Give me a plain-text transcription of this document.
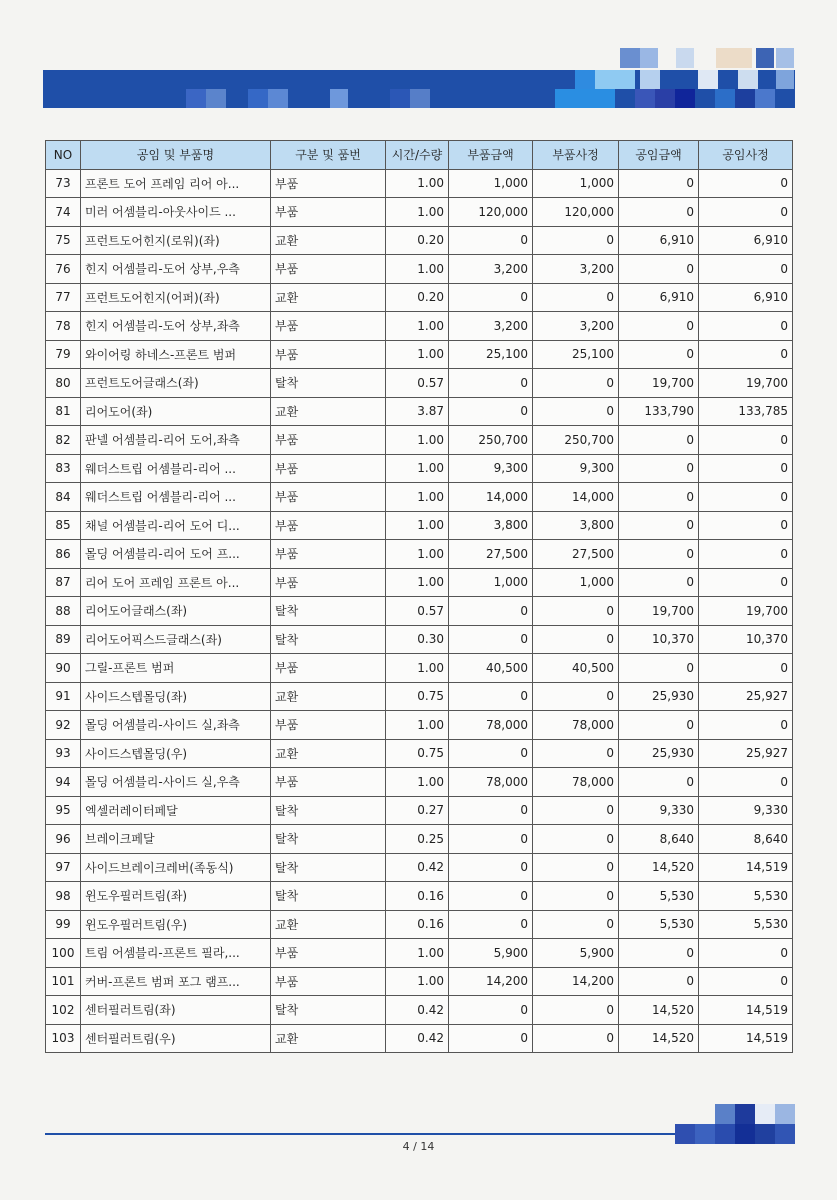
NO	공임 및 부품명	구분 및 품번	시간/수량	부품금액	부품사정	공임금액	공임사정
73	프론트 도어 프레임 리어 아...	부품	1.00	1,000	1,000	0	0
74	미러 어셈블리-아웃사이드 ...	부품	1.00	120,000	120,000	0	0
75	프런트도어힌지(로워)(좌)	교환	0.20	0	0	6,910	6,910
76	힌지 어셈블리-도어 상부,우측	부품	1.00	3,200	3,200	0	0
77	프런트도어힌지(어퍼)(좌)	교환	0.20	0	0	6,910	6,910
78	힌지 어셈블리-도어 상부,좌측	부품	1.00	3,200	3,200	0	0
79	와이어링 하네스-프론트 범퍼	부품	1.00	25,100	25,100	0	0
80	프런트도어글래스(좌)	탈착	0.57	0	0	19,700	19,700
81	리어도어(좌)	교환	3.87	0	0	133,790	133,785
82	판넬 어셈블리-리어 도어,좌측	부품	1.00	250,700	250,700	0	0
83	웨더스트립 어셈블리-리어 ...	부품	1.00	9,300	9,300	0	0
84	웨더스트립 어셈블리-리어 ...	부품	1.00	14,000	14,000	0	0
85	채널 어셈블리-리어 도어 디...	부품	1.00	3,800	3,800	0	0
86	몰딩 어셈블리-리어 도어 프...	부품	1.00	27,500	27,500	0	0
87	리어 도어 프레임 프론트 아...	부품	1.00	1,000	1,000	0	0
88	리어도어글래스(좌)	탈착	0.57	0	0	19,700	19,700
89	리어도어픽스드글래스(좌)	탈착	0.30	0	0	10,370	10,370
90	그릴-프론트 범퍼	부품	1.00	40,500	40,500	0	0
91	사이드스텝몰딩(좌)	교환	0.75	0	0	25,930	25,927
92	몰딩 어셈블리-사이드 실,좌측	부품	1.00	78,000	78,000	0	0
93	사이드스텝몰딩(우)	교환	0.75	0	0	25,930	25,927
94	몰딩 어셈블리-사이드 실,우측	부품	1.00	78,000	78,000	0	0
95	엑셀러레이터페달	탈착	0.27	0	0	9,330	9,330
96	브레이크페달	탈착	0.25	0	0	8,640	8,640
97	사이드브레이크레버(족동식)	탈착	0.42	0	0	14,520	14,519
98	윈도우필러트림(좌)	탈착	0.16	0	0	5,530	5,530
99	윈도우필러트림(우)	교환	0.16	0	0	5,530	5,530
100	트림 어셈블리-프론트 필라,...	부품	1.00	5,900	5,900	0	0
101	커버-프론트 범퍼 포그 램프...	부품	1.00	14,200	14,200	0	0
102	센터필러트림(좌)	탈착	0.42	0	0	14,520	14,519
103	센터필러트림(우)	교환	0.42	0	0	14,520	14,519
4 / 14
